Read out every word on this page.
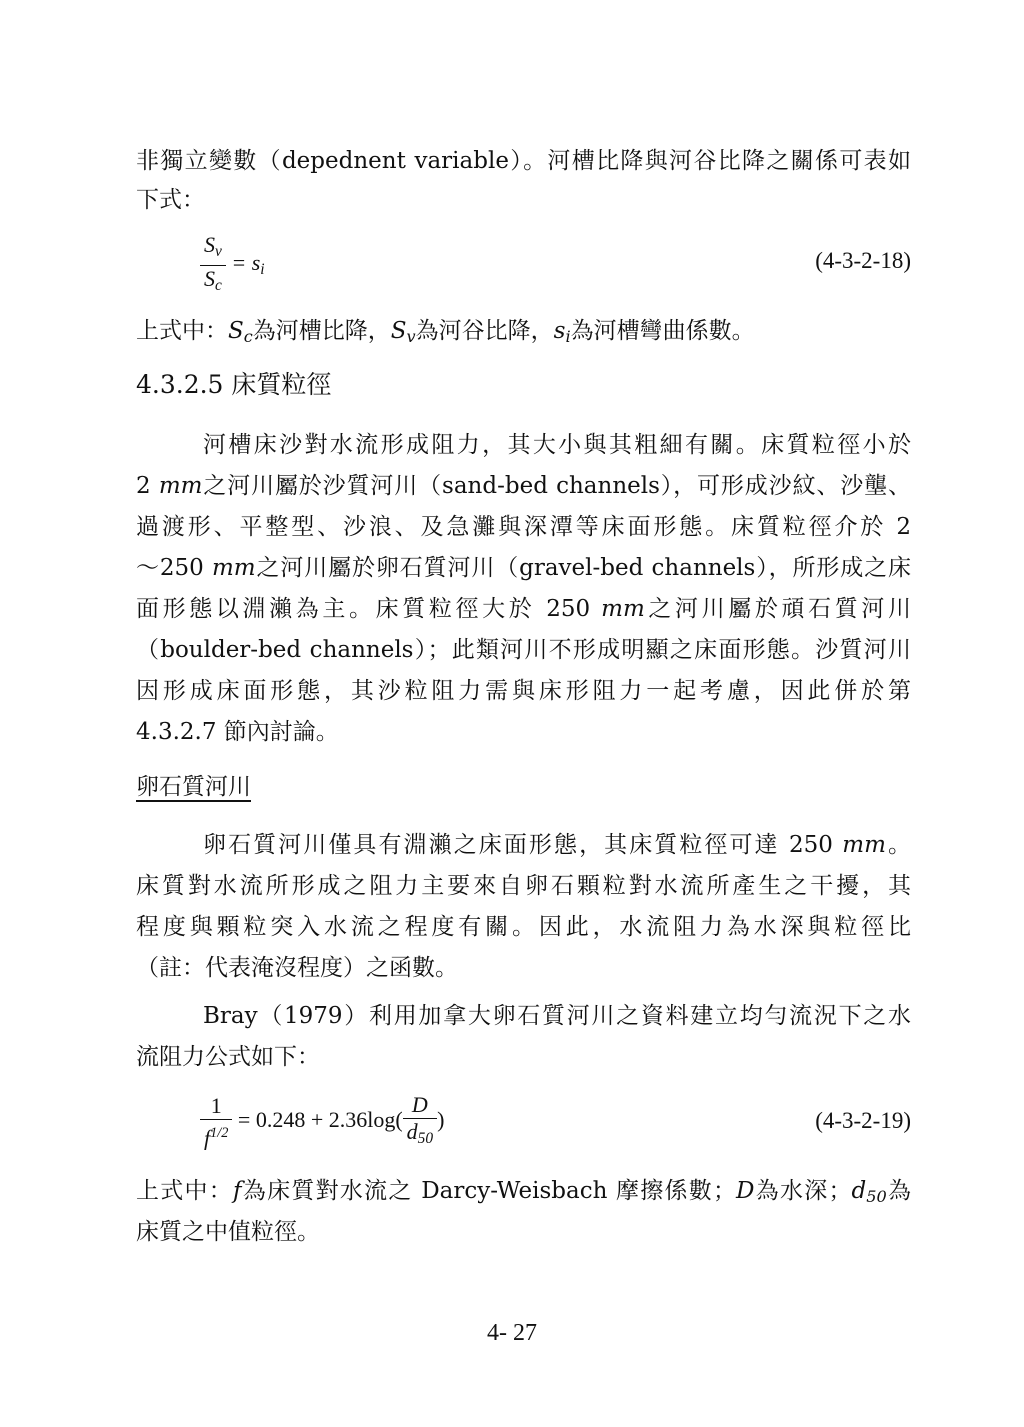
非獨立變數（depednent variable）。河槽比降與河谷比降之關係可表如
下式：
$\frac{S_v}{S_c} = s_i$	(4-3-2-18)
上式中：$S_c$為河槽比降，$S_v$為河谷比降，$s_i$為河槽彎曲係數。
4.3.2.5 床質粒徑
河槽床沙對水流形成阻力，其大小與其粗細有關。床質粒徑小於
2 mm之河川屬於沙質河川（sand-bed channels），可形成沙紋、沙壟、
過渡形、平整型、沙浪、及急灘與深潭等床面形態。床質粒徑介於 2
～250 mm之河川屬於卵石質河川（gravel-bed channels），所形成之床
面形態以淵瀨為主。床質粒徑大於 250 mm之河川屬於頑石質河川
（boulder-bed channels）；此類河川不形成明顯之床面形態。沙質河川
因形成床面形態，其沙粒阻力需與床形阻力一起考慮，因此併於第
4.3.2.7 節內討論。
卵石質河川
卵石質河川僅具有淵瀨之床面形態，其床質粒徑可達 250 mm。
床質對水流所形成之阻力主要來自卵石顆粒對水流所產生之干擾，其
程度與顆粒突入水流之程度有關。因此，水流阻力為水深與粒徑比
（註：代表淹沒程度）之函數。
Bray（1979）利用加拿大卵石質河川之資料建立均勻流況下之水
流阻力公式如下：
$\frac{1}{f^{1/2}} = 0.248 + 2.36\log( \frac{D}{d_{50}}$ )	(4-3-2-19)
上式中：f為床質對水流之 Darcy-Weisbach 摩擦係數；D為水深；$d_{50}$為
床質之中值粒徑。
4- 27
